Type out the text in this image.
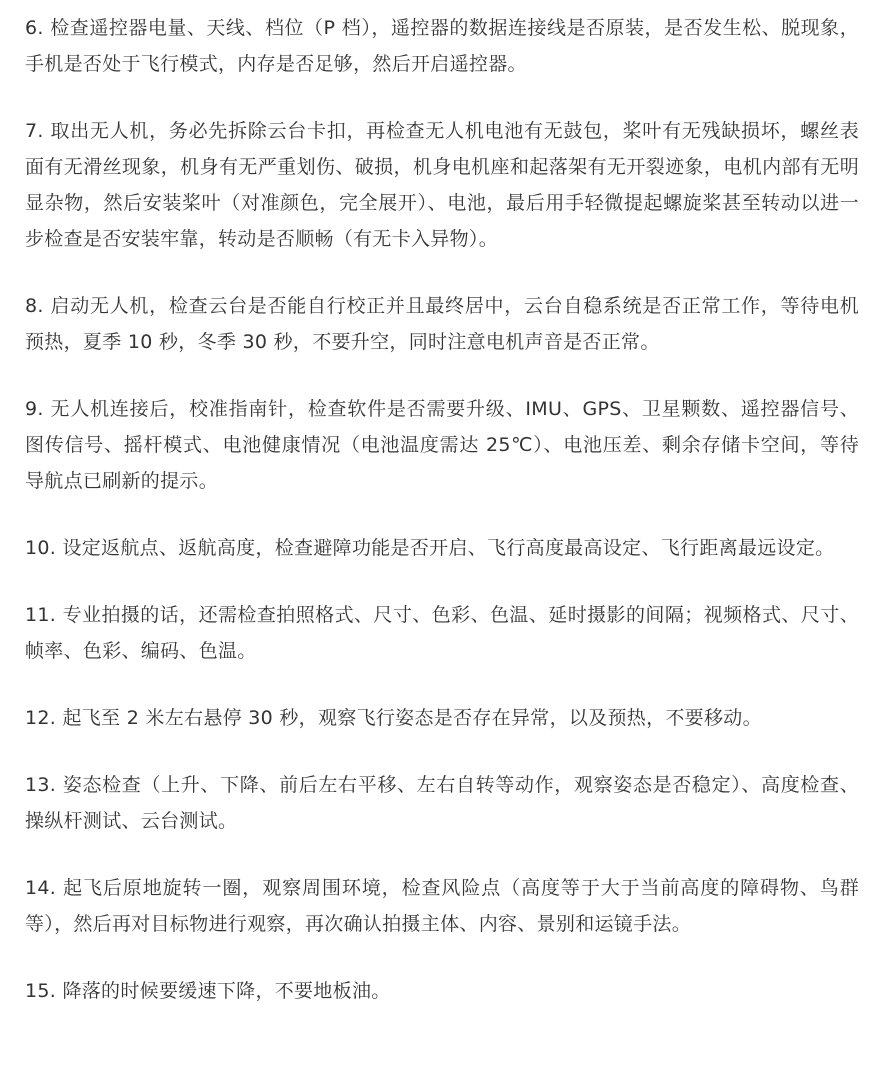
6. 检查遥控器电量、天线、档位（P 档），遥控器的数据连接线是否原装，是否发生松、脱现象，手机是否处于飞行模式，内存是否足够，然后开启遥控器。

7. 取出无人机，务必先拆除云台卡扣，再检查无人机电池有无鼓包，桨叶有无残缺损坏，螺丝表面有无滑丝现象，机身有无严重划伤、破损，机身电机座和起落架有无开裂迹象，电机内部有无明显杂物，然后安装桨叶（对准颜色，完全展开）、电池，最后用手轻微提起螺旋桨甚至转动以进一步检查是否安装牢靠，转动是否顺畅（有无卡入异物）。

8. 启动无人机，检查云台是否能自行校正并且最终居中，云台自稳系统是否正常工作，等待电机预热，夏季 10 秒，冬季 30 秒，不要升空，同时注意电机声音是否正常。

9. 无人机连接后，校准指南针，检查软件是否需要升级、IMU、GPS、卫星颗数、遥控器信号、图传信号、摇杆模式、电池健康情况（电池温度需达 25℃）、电池压差、剩余存储卡空间，等待导航点已刷新的提示。

10. 设定返航点、返航高度，检查避障功能是否开启、飞行高度最高设定、飞行距离最远设定。

11. 专业拍摄的话，还需检查拍照格式、尺寸、色彩、色温、延时摄影的间隔；视频格式、尺寸、帧率、色彩、编码、色温。

12. 起飞至 2 米左右悬停 30 秒，观察飞行姿态是否存在异常，以及预热，不要移动。

13. 姿态检查（上升、下降、前后左右平移、左右自转等动作，观察姿态是否稳定）、高度检查、操纵杆测试、云台测试。

14. 起飞后原地旋转一圈，观察周围环境，检查风险点（高度等于大于当前高度的障碍物、鸟群等），然后再对目标物进行观察，再次确认拍摄主体、内容、景别和运镜手法。

15. 降落的时候要缓速下降，不要地板油。
